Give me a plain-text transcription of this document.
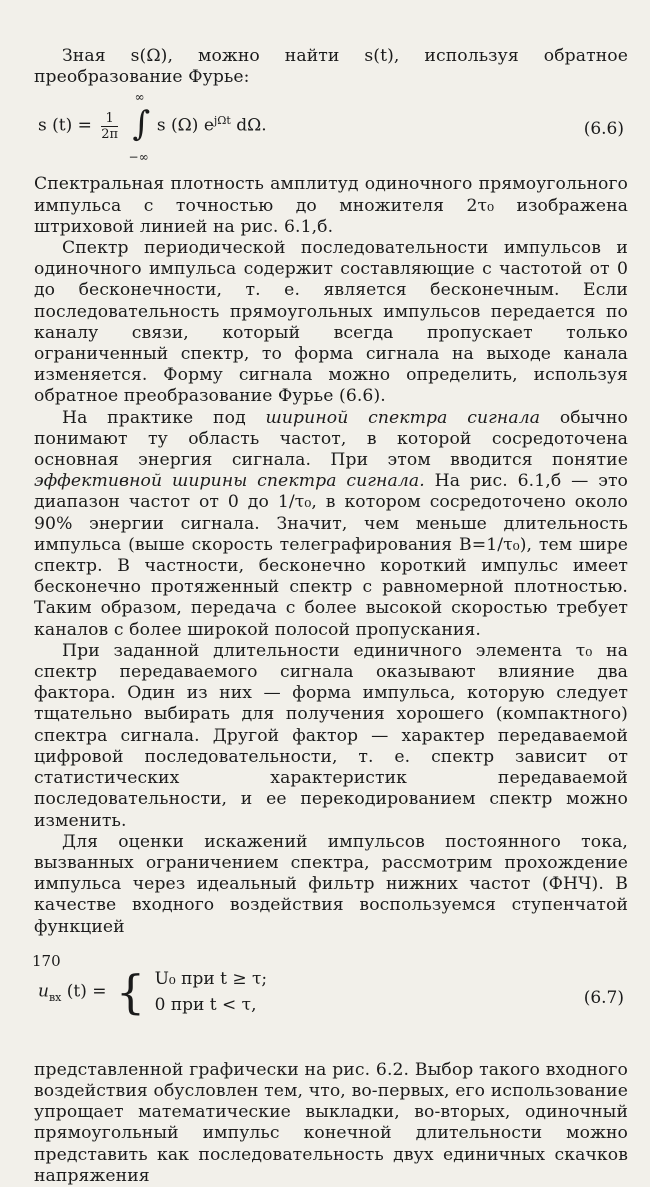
Зная s(Ω), можно найти s(t), используя обратное преобразование Фурье:

s $(t) = \frac{1}{2\pi}$

∞
∫
−∞
s (Ω) $e^{j\Omega t}$ dΩ.	(6.6)

Спектральная плотность амплитуд одиночного прямоугольного импульса с точностью до множителя 2τ₀ изображена штриховой линией на рис. 6.1,б.

Спектр периодической последовательности импульсов и одиночного импульса содержит составляющие с частотой от 0 до бесконечности, т. е. является бесконечным. Если последовательность прямоугольных импульсов передается по каналу связи, который всегда пропускает только ограниченный спектр, то форма сигнала на выходе канала изменяется. Форму сигнала можно определить, используя обратное преобразование Фурье (6.6).

На практике под шириной спектра сигнала обычно понимают ту область частот, в которой сосредоточена основная энергия сигнала. При этом вводится понятие эффективной ширины спектра сигнала. На рис. 6.1,б — это диапазон частот от 0 до 1/τ₀, в котором сосредоточено около 90% энергии сигнала. Значит, чем меньше длительность импульса (выше скорость телеграфирования B=1/τ₀), тем шире спектр. В частности, бесконечно короткий импульс имеет бесконечно протяженный спектр с равномерной плотностью. Таким образом, передача с более высокой скоростью требует каналов с более широкой полосой пропускания.

При заданной длительности единичного элемента τ₀ на спектр передаваемого сигнала оказывают влияние два фактора. Один из них — форма импульса, которую следует тщательно выбирать для получения хорошего (компактного) спектра сигнала. Другой фактор — характер передаваемой цифровой последовательности, т. е. спектр зависит от статистических характеристик передаваемой последовательности, и ее перекодированием спектр можно изменить.

Для оценки искажений импульсов постоянного тока, вызванных ограничением спектра, рассмотрим прохождение импульса через идеальный фильтр нижних частот (ФНЧ). В качестве входного воздействия воспользуемся ступенчатой функцией

$u_{вх}$ (t) = { U₀ при t ≥ τ;
0 при t < τ,	(6.7)

представленной графически на рис. 6.2. Выбор такого входного воздействия обусловлен тем, что, во-первых, его использование упрощает математические выкладки, во-вторых, одиночный прямоугольный импульс конечной длительности можно представить как последовательность двух единичных скачков напряжения

170
